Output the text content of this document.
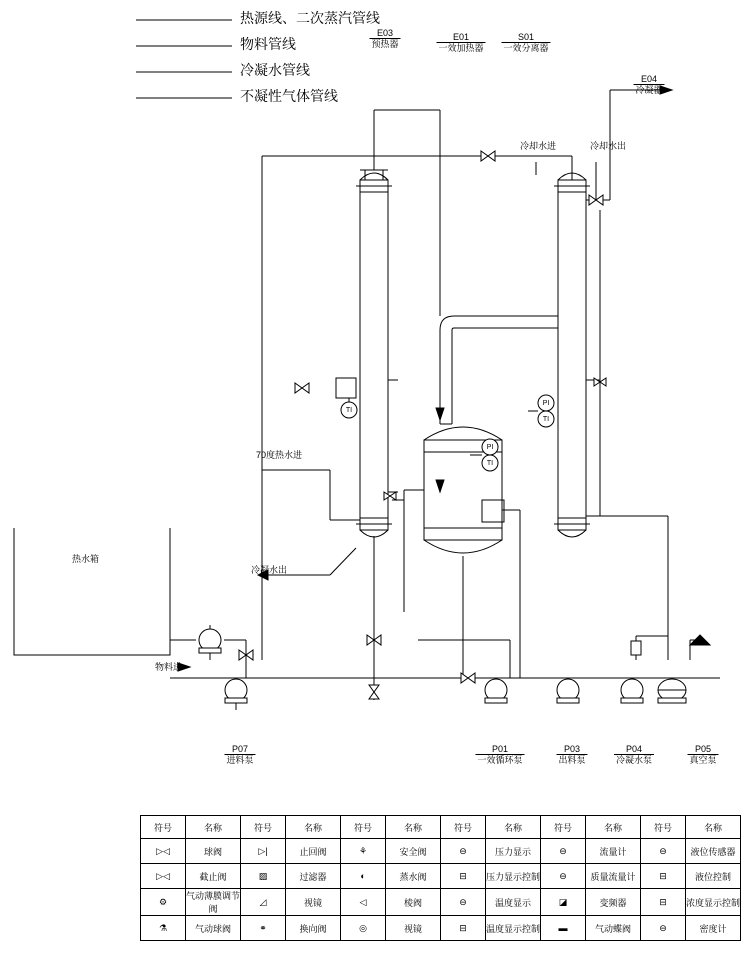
热源线、二次蒸汽管线
物料管线
冷凝水管线
不凝性气体管线
E03
预热器
E01
一效加热器
S01
一效分离器
E04
冷凝器
P07
进料泵
P01
一效循环泵
P03
出料泵
P04
冷凝水泵
P05
真空泵
冷却水进	冷却水出
70度热水进
冷凝水出
热水箱
物料进
TI
PI
TI
PI
TI
符号	名称	符号	名称	符号	名称	符号	名称	符号	名称	符号	名称
▷◁	球阀	▷|	止回阀	⚘	安全阀	⊖	压力显示	⊖	流量计	⊖	液位传感器
▷◁	截止阀	▨	过滤器	◐	蒸水阀	⊟	压力显示控制	⊖	质量流量计	⊟	液位控制
⚙	气动薄膜调节阀	◿	视镜	◁	棱阀	⊖	温度显示	◪	变频器	⊟	浓度显示控制
⚗	气动球阀	⚭	换向阀	◎	视镜	⊟	温度显示控制	▬	气动蝶阀	⊖	密度计
